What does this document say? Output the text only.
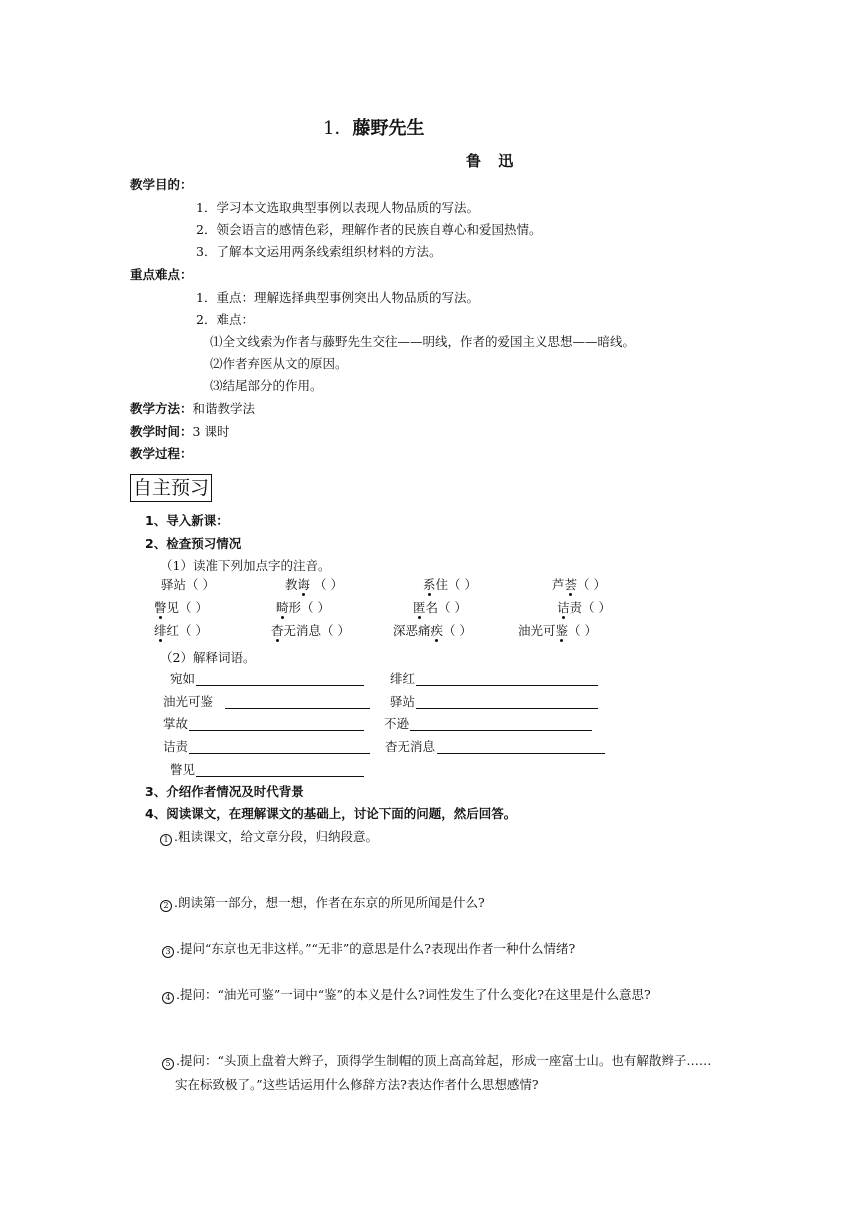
1．藤野先生
鲁 迅
教学目的：
1．学习本文选取典型事例以表现人物品质的写法。
2．领会语言的感情色彩，理解作者的民族自尊心和爱国热情。
3．了解本文运用两条线索组织材料的方法。
重点难点：
1．重点：理解选择典型事例突出人物品质的写法。
2．难点：
⑴全文线索为作者与藤野先生交往——明线，作者的爱国主义思想——暗线。
⑵作者弃医从文的原因。
⑶结尾部分的作用。
教学方法：和谐教学法
教学时间：3 课时
教学过程：
自主预习
1、导入新课：
2、检查预习情况
（1）读准下列加点字的注音。
驿站（ ）	教诲 （ ）	系住（ ）	芦荟（ ）
瞥见（ ）	畸形（ ）	匿名（ ）	诘责（ ）
绯红（ ）	杳无消息（ ）	深恶痛疾（ ）	油光可鉴（ ）
（2）解释词语。
宛如	绯红
油光可鉴	驿站
掌故	不逊
诘责	杳无消息
瞥见
3、介绍作者情况及时代背景
4、阅读课文，在理解课文的基础上，讨论下面的问题，然后回答。
1 .粗读课文，给文章分段，归纳段意。
2 .朗读第一部分，想一想，作者在东京的所见所闻是什么?
3 .提问“东京也无非这样。”“无非”的意思是什么?表现出作者一种什么情绪?
4 .提问：“油光可鉴”一词中“鉴”的本义是什么?词性发生了什么变化?在这里是什么意思?
5 .提问：“头顶上盘着大辫子，顶得学生制帽的顶上高高耸起，形成一座富士山。也有解散辫子……
实在标致极了。”这些话运用什么修辞方法?表达作者什么思想感情?
